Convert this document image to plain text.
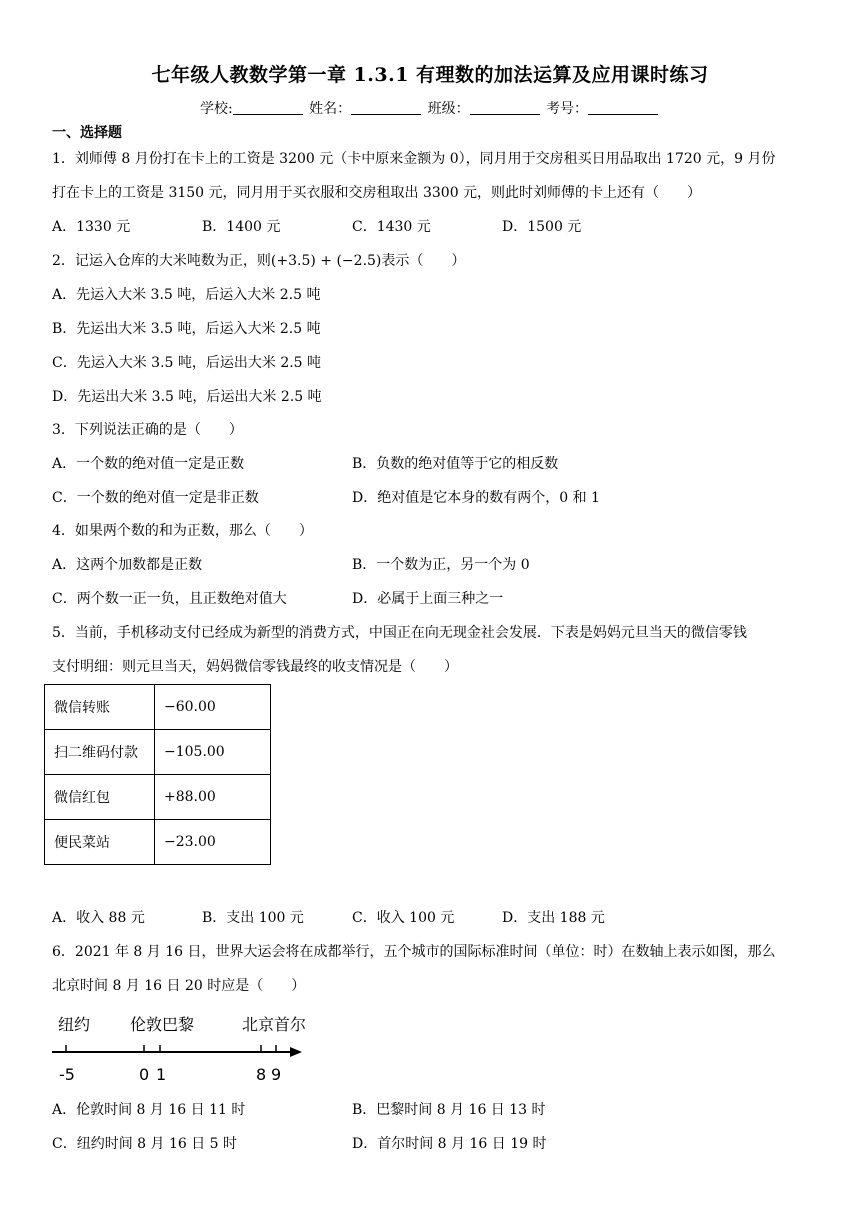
七年级人教数学第一章 1.3.1 有理数的加法运算及应用课时练习
学校:	姓名：	班级：	考号：
一、选择题
1．刘师傅 8 月份打在卡上的工资是 3200 元（卡中原来金额为 0），同月用于交房租买日用品取出 1720 元，9 月份
打在卡上的工资是 3150 元，同月用于买衣服和交房租取出 3300 元，则此时刘师傅的卡上还有（　　）
A．1330 元	B．1400 元	C．1430 元	D．1500 元
2．记运入仓库的大米吨数为正，则(+3.5) + (−2.5)表示（　　）
A．先运入大米 3.5 吨，后运入大米 2.5 吨
B．先运出大米 3.5 吨，后运入大米 2.5 吨
C．先运入大米 3.5 吨，后运出大米 2.5 吨
D．先运出大米 3.5 吨，后运出大米 2.5 吨
3．下列说法正确的是（　　）
A．一个数的绝对值一定是正数	B．负数的绝对值等于它的相反数
C．一个数的绝对值一定是非正数	D．绝对值是它本身的数有两个，0 和 1
4．如果两个数的和为正数，那么（　　）
A．这两个加数都是正数	B．一个数为正，另一个为 0
C．两个数一正一负，且正数绝对值大	D．必属于上面三种之一
5．当前，手机移动支付已经成为新型的消费方式，中国正在向无现金社会发展．下表是妈妈元旦当天的微信零钱
支付明细：则元旦当天，妈妈微信零钱最终的收支情况是（　　）
微信转账	−60.00
扫二维码付款	−105.00
微信红包	+88.00
便民菜站	−23.00
A．收入 88 元	B．支出 100 元	C．收入 100 元	D．支出 188 元
6．2021 年 8 月 16 日，世界大运会将在成都举行，五个城市的国际标准时间（单位：时）在数轴上表示如图，那么
北京时间 8 月 16 日 20 时应是（　　）
纽约 伦敦 巴黎	北京 首尔
-5	0 1	8 9
A．伦敦时间 8 月 16 日 11 时	B．巴黎时间 8 月 16 日 13 时
C．纽约时间 8 月 16 日 5 时	D．首尔时间 8 月 16 日 19 时
